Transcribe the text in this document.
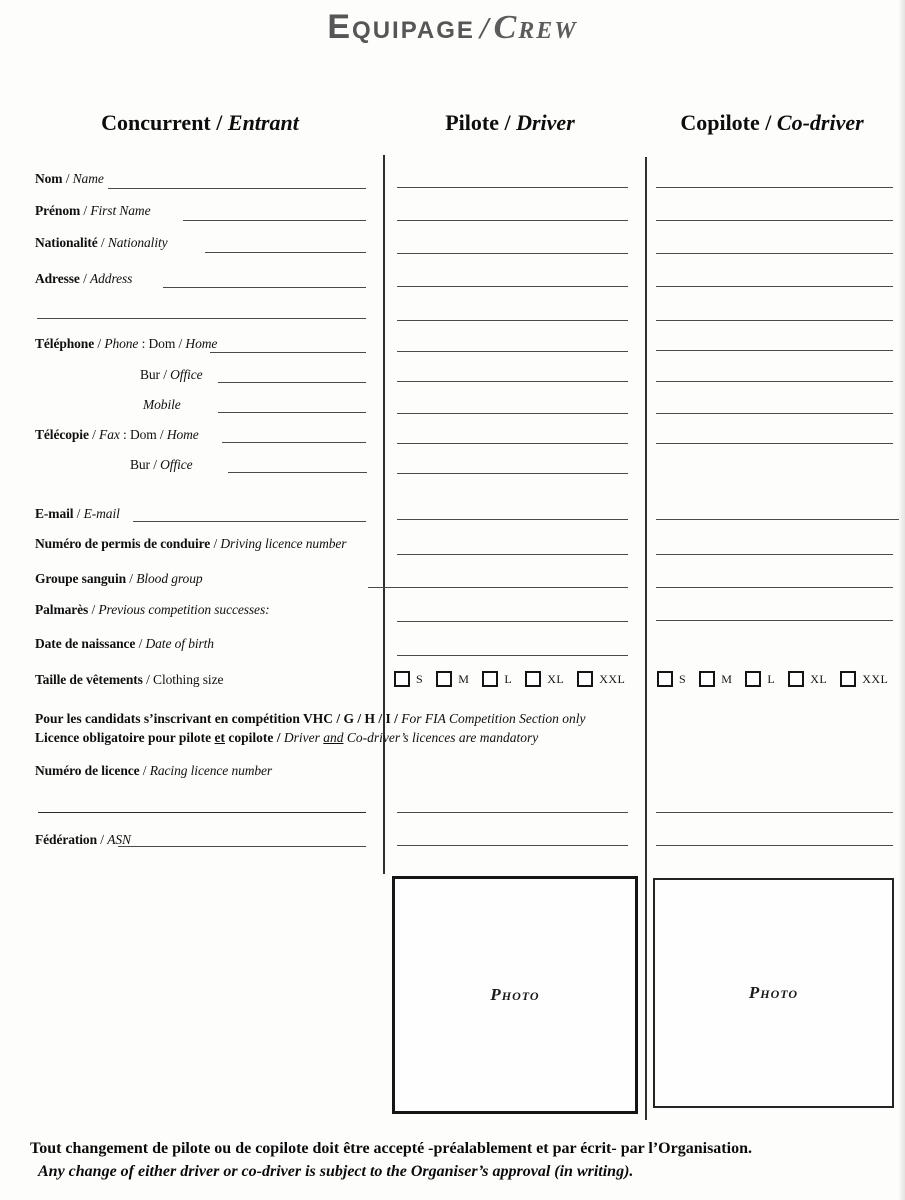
Equipage / Crew
Concurrent / Entrant	Pilote / Driver	Copilote / Co-driver
Nom / Name
Prénom / First Name
Nationalité / Nationality
Adresse / Address
Téléphone / Phone : Dom / Home
Bur / Office
Mobile
Télécopie / Fax : Dom / Home
Bur / Office
E-mail / E-mail
Numéro de permis de conduire / Driving licence number
Groupe sanguin / Blood group
Palmarès / Previous competition successes:
Date de naissance / Date of birth
Taille de vêtements / Clothing size	S	M	L	XL	XXL	S	M	L	XL	XXL
Pour les candidats s’inscrivant en compétition VHC / G / H / I / For FIA Competition Section only
Licence obligatoire pour pilote et copilote / Driver and Co-driver’s licences are mandatory
Numéro de licence / Racing licence number
Fédération / ASN
Photo	Photo
Tout changement de pilote ou de copilote doit être accepté -préalablement et par écrit- par l’Organisation.
Any change of either driver or co-driver is subject to the Organiser’s approval (in writing).
